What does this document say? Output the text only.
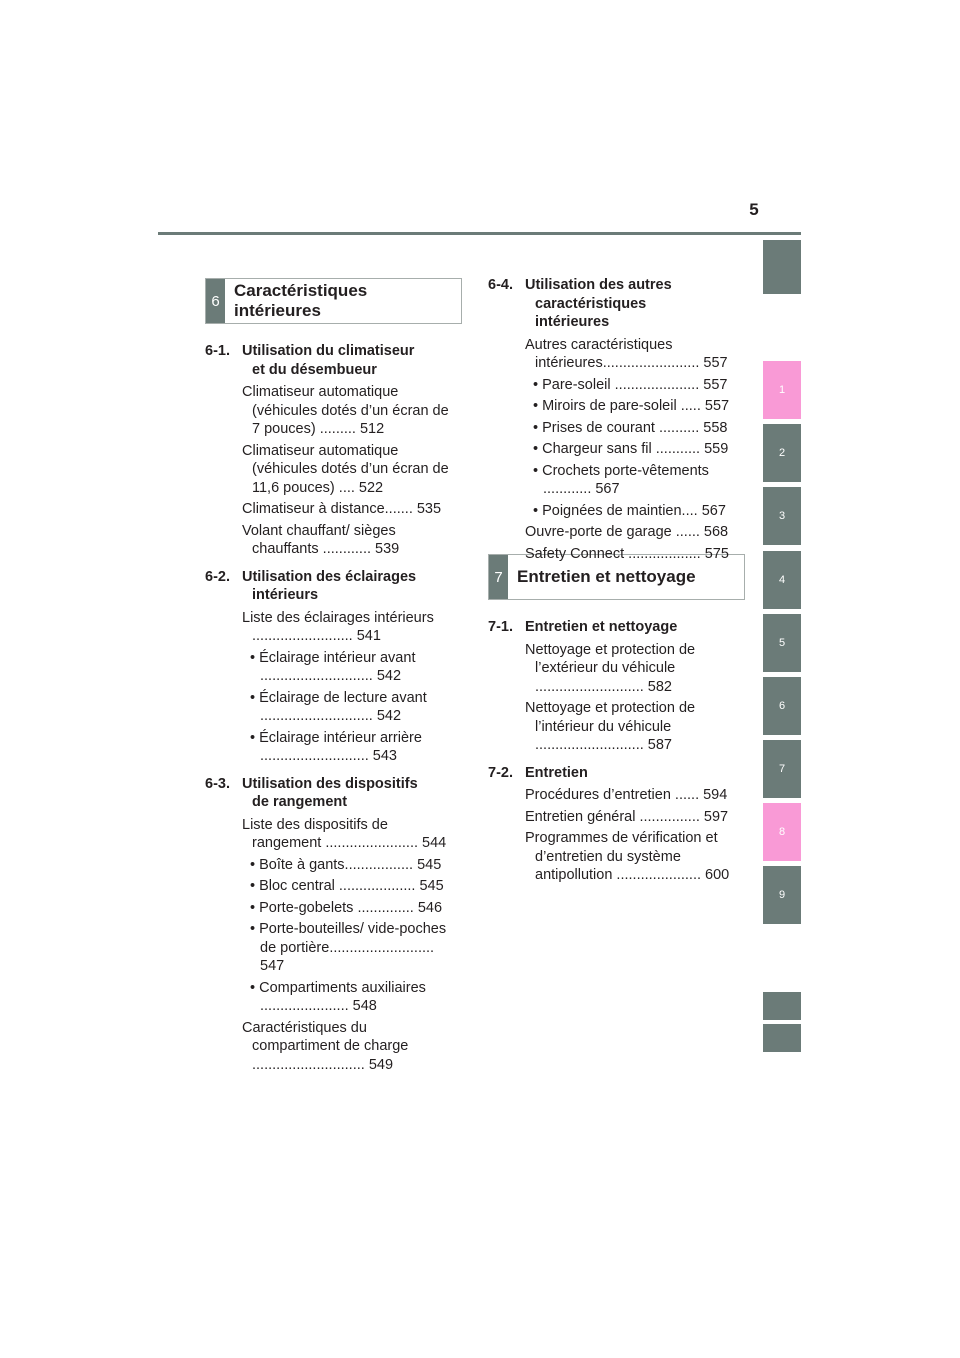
5
1
2
3
4
5
6
7
8
9
6
Caractéristiques
intérieures
7 Entretien et nettoyage
6-1. Utilisation du climatiseur
et du désembueur
Climatiseur automatique (véhicules dotés d’un écran de 7 pouces) ......... 512
Climatiseur automatique (véhicules dotés d’un écran de 11,6 pouces) .... 522
Climatiseur à distance....... 535
Volant chauffant/ sièges chauffants ............ 539
6-2. Utilisation des éclairages
intérieurs
Liste des éclairages intérieurs ......................... 541
• Éclairage intérieur avant ............................ 542
• Éclairage de lecture avant ............................ 542
• Éclairage intérieur arrière ........................... 543
6-3. Utilisation des dispositifs
de rangement
Liste des dispositifs de rangement ....................... 544
• Boîte à gants................. 545
• Bloc central ................... 545
• Porte-gobelets .............. 546
• Porte-bouteilles/ vide-poches de portière.......................... 547
• Compartiments auxiliaires ...................... 548
Caractéristiques du compartiment de charge ............................ 549
6-4. Utilisation des autres
caractéristiques
intérieures
Autres caractéristiques intérieures........................ 557
• Pare-soleil ..................... 557
• Miroirs de pare-soleil ..... 557
• Prises de courant .......... 558
• Chargeur sans fil ........... 559
• Crochets porte-vêtements ............ 567
• Poignées de maintien.... 567
Ouvre-porte de garage ...... 568
Safety Connect .................. 575
7-1. Entretien et nettoyage
Nettoyage et protection de l’extérieur du véhicule ........................... 582
Nettoyage et protection de l’intérieur du véhicule ........................... 587
7-2. Entretien
Procédures d’entretien ...... 594
Entretien général ............... 597
Programmes de vérification et d’entretien du système antipollution ..................... 600
